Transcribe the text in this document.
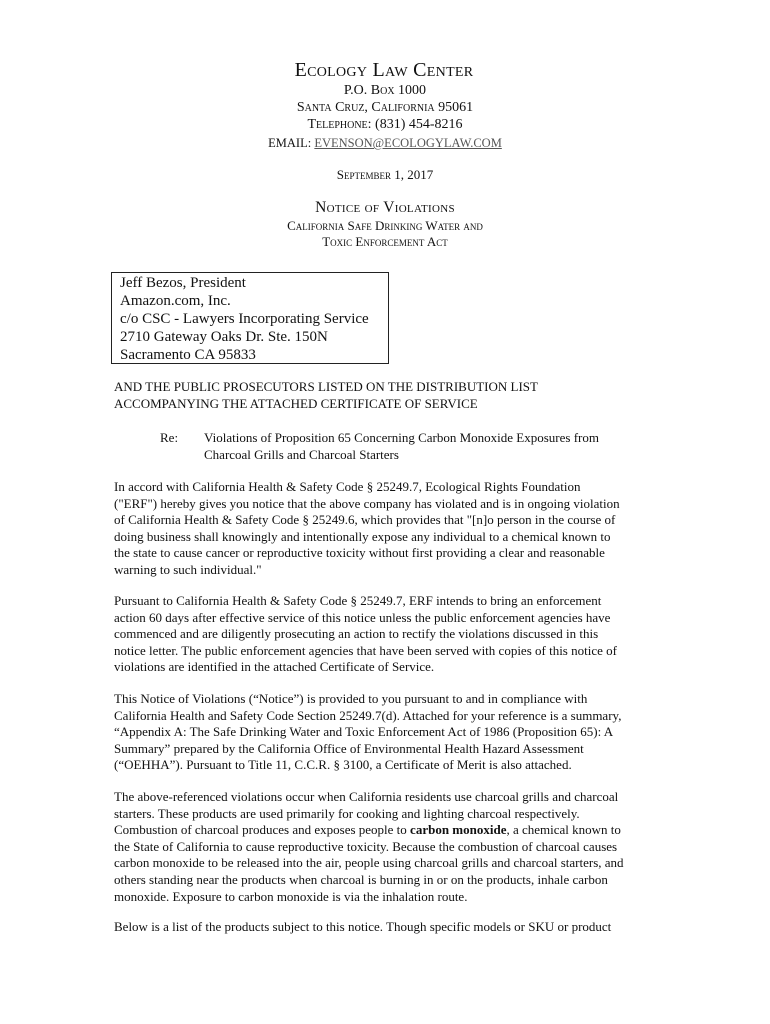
Ecology Law Center
P.O. Box 1000
Santa Cruz, California 95061
Telephone: (831) 454-8216
EMAIL: EVENSON@ECOLOGYLAW.COM
September 1, 2017
Notice of Violations
California Safe Drinking Water and
Toxic Enforcement Act
Jeff Bezos, President
Amazon.com, Inc.
c/o CSC - Lawyers Incorporating Service
2710 Gateway Oaks Dr. Ste. 150N
Sacramento CA 95833
AND THE PUBLIC PROSECUTORS LISTED ON THE DISTRIBUTION LIST
ACCOMPANYING THE ATTACHED CERTIFICATE OF SERVICE
Re: Violations of Proposition 65 Concerning Carbon Monoxide Exposures from
Charcoal Grills and Charcoal Starters
In accord with California Health & Safety Code § 25249.7, Ecological Rights Foundation
("ERF") hereby gives you notice that the above company has violated and is in ongoing violation
of California Health & Safety Code § 25249.6, which provides that "[n]o person in the course of
doing business shall knowingly and intentionally expose any individual to a chemical known to
the state to cause cancer or reproductive toxicity without first providing a clear and reasonable
warning to such individual."
Pursuant to California Health & Safety Code § 25249.7, ERF intends to bring an enforcement
action 60 days after effective service of this notice unless the public enforcement agencies have
commenced and are diligently prosecuting an action to rectify the violations discussed in this
notice letter. The public enforcement agencies that have been served with copies of this notice of
violations are identified in the attached Certificate of Service.
This Notice of Violations (“Notice”) is provided to you pursuant to and in compliance with
California Health and Safety Code Section 25249.7(d). Attached for your reference is a summary,
“Appendix A: The Safe Drinking Water and Toxic Enforcement Act of 1986 (Proposition 65): A
Summary” prepared by the California Office of Environmental Health Hazard Assessment
(“OEHHA”). Pursuant to Title 11, C.C.R. § 3100, a Certificate of Merit is also attached.
The above-referenced violations occur when California residents use charcoal grills and charcoal
starters. These products are used primarily for cooking and lighting charcoal respectively.
Combustion of charcoal produces and exposes people to carbon monoxide, a chemical known to
the State of California to cause reproductive toxicity. Because the combustion of charcoal causes
carbon monoxide to be released into the air, people using charcoal grills and charcoal starters, and
others standing near the products when charcoal is burning in or on the products, inhale carbon
monoxide. Exposure to carbon monoxide is via the inhalation route.
Below is a list of the products subject to this notice. Though specific models or SKU or product
